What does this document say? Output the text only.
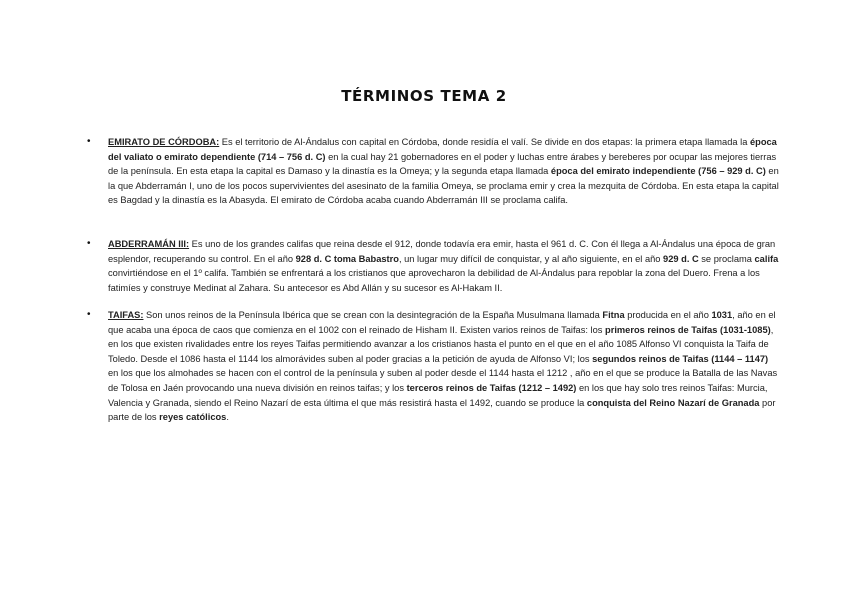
TÉRMINOS TEMA 2
• EMIRATO DE CÓRDOBA: Es el territorio de Al-Ándalus con capital en Córdoba, donde residía el valí. Se divide en dos etapas: la primera etapa llamada la época del valiato o emirato dependiente (714 – 756 d. C) en la cual hay 21 gobernadores en el poder y luchas entre árabes y bereberes por ocupar las mejores tierras de la península. En esta etapa la capital es Damaso y la dinastía es la Omeya; y la segunda etapa llamada época del emirato independiente (756 – 929 d. C) en la que Abderramán I, uno de los pocos supervivientes del asesinato de la familia Omeya, se proclama emir y crea la mezquita de Córdoba. En esta etapa la capital es Bagdad y la dinastía es la Abasyda. El emirato de Córdoba acaba cuando Abderramán III se proclama califa.
• ABDERRAMÁN III: Es uno de los grandes califas que reina desde el 912, donde todavía era emir, hasta el 961 d. C. Con él llega a Al-Ándalus una época de gran esplendor, recuperando su control. En el año 928 d. C toma Babastro, un lugar muy difícil de conquistar, y al año siguiente, en el año 929 d. C se proclama califa convirtiéndose en el 1º califa. También se enfrentará a los cristianos que aprovecharon la debilidad de Al-Ándalus para repoblar la zona del Duero. Frena a los fatimíes y construye Medinat al Zahara. Su antecesor es Abd Allán y su sucesor es Al-Hakam II.
• TAIFAS: Son unos reinos de la Península Ibérica que se crean con la desintegración de la España Musulmana llamada Fitna producida en el año 1031, año en el que acaba una época de caos que comienza en el 1002 con el reinado de Hisham II. Existen varios reinos de Taifas: los primeros reinos de Taifas (1031-1085), en los que existen rivalidades entre los reyes Taifas permitiendo avanzar a los cristianos hasta el punto en el que en el año 1085 Alfonso VI conquista la Taifa de Toledo. Desde el 1086 hasta el 1144 los almorávides suben al poder gracias a la petición de ayuda de Alfonso VI; los segundos reinos de Taifas (1144 – 1147) en los que los almohades se hacen con el control de la península y suben al poder desde el 1144 hasta el 1212 , año en el que se produce la Batalla de las Navas de Tolosa en Jaén provocando una nueva división en reinos taifas; y los terceros reinos de Taifas (1212 – 1492) en los que hay solo tres reinos Taifas: Murcia, Valencia y Granada, siendo el Reino Nazarí de esta última el que más resistirá hasta el 1492, cuando se produce la conquista del Reino Nazarí de Granada por parte de los reyes católicos.
